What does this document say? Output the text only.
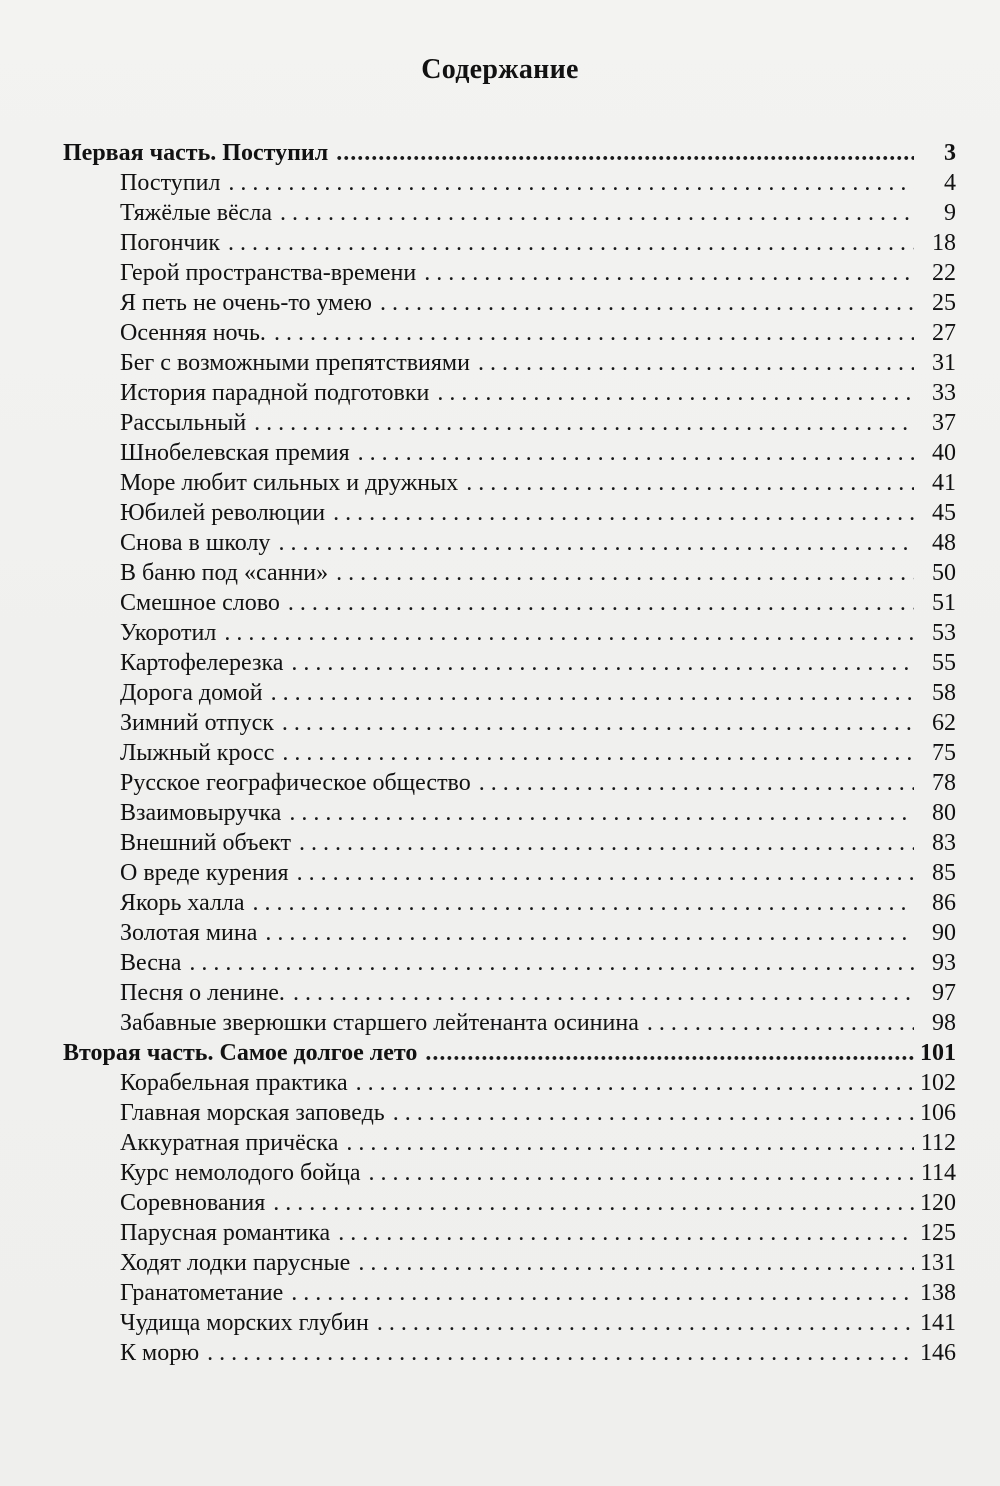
Содержание
Первая часть. Поступил .....	3
Поступил . . .	4
Тяжёлые вёсла . . .	9
Погончик . . .	18
Герой пространства-времени . . .	22
Я петь не очень-то умею . . .	25
Осенняя ночь. . . .	27
Бег с возможными препятствиями . . .	31
История парадной подготовки . . .	33
Рассыльный . . .	37
Шнобелевская премия . . .	40
Море любит сильных и дружных . . .	41
Юбилей революции . . .	45
Снова в школу . . .	48
В баню под «санни» . . .	50
Смешное слово . . .	51
Укоротил . . .	53
Картофелерезка . . .	55
Дорога домой . . .	58
Зимний отпуск . . .	62
Лыжный кросс . . .	75
Русское географическое общество . . .	78
Взаимовыручка . . .	80
Внешний объект . . .	83
О вреде курения . . .	85
Якорь халла . . .	86
Золотая мина . . .	90
Весна . . .	93
Песня о ленине. . . .	97
Забавные зверюшки старшего лейтенанта осинина . . .	98
Вторая часть. Самое долгое лето .....	101
Корабельная практика . . .	102
Главная морская заповедь . . .	106
Аккуратная причёска . . .	112
Курс немолодого бойца . . .	114
Соревнования . . .	120
Парусная романтика . . .	125
Ходят лодки парусные . . .	131
Гранатометание . . .	138
Чудища морских глубин . . .	141
К морю . . .	146
